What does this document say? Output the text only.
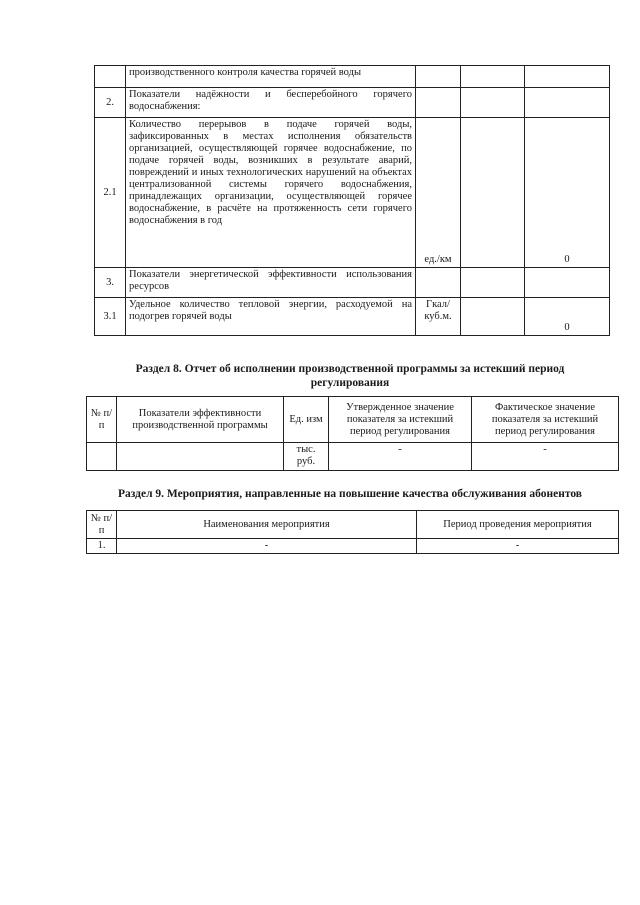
	производственного контроля качества горячей воды			
2.	Показатели надёжности и бесперебойного горячего водоснабжения:			
2.1	Количество перерывов в подаче горячей воды, зафиксированных в местах исполнения обязательств организацией, осуществляющей горячее водоснабжение, по подаче горячей воды, возникших в результате аварий, повреждений и иных технологических нарушений на объектах централизованной системы горячего водоснабжения, принадлежащих организации, осуществляющей горячее водоснабжение, в расчёте на протяженность сети горячего водоснабжения в год	ед./км		0
3.	Показатели энергетической эффективности использования ресурсов			
3.1	Удельное количество тепловой энергии, расходуемой на подогрев горячей воды	Гкал/ куб.м.		0
Раздел 8. Отчет об исполнении производственной программы за истекший период регулирования
№ п/п	Показатели эффективности производственной программы	Ед. изм	Утвержденное значение показателя за истекший период регулирования	Фактическое значение показателя за истекший период регулирования
		тыс. руб.	-	-
Раздел 9. Мероприятия, направленные на повышение качества обслуживания абонентов
№ п/п	Наименования мероприятия	Период проведения мероприятия
1.	-	-
